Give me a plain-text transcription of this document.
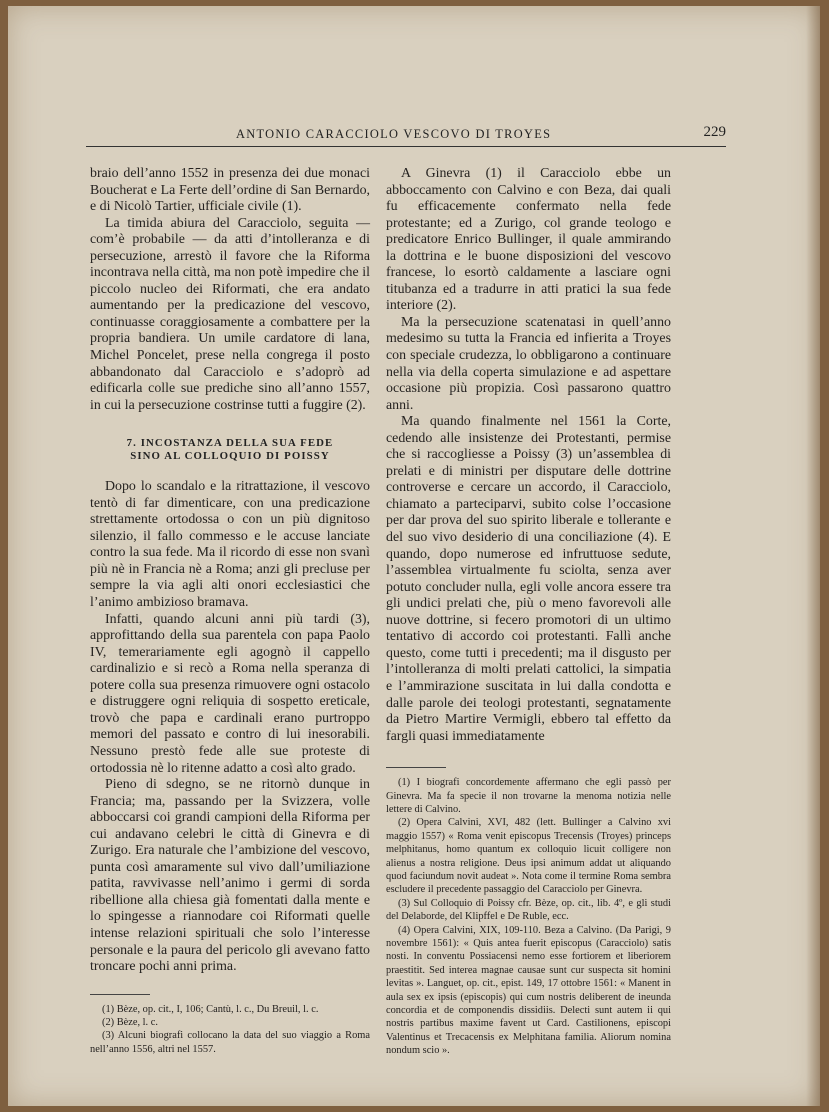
ANTONIO CARACCIOLO VESCOVO DI TROYES	229

braio dell’anno 1552 in presenza dei due monaci Boucherat e La Ferte dell’ordine di San Bernardo, e di Nicolò Tartier, ufficiale civile (1).

La timida abiura del Caracciolo, seguita — com’è probabile — da atti d’intolleranza e di persecuzione, arrestò il favore che la Riforma incontrava nella città, ma non potè impedire che il piccolo nucleo dei Riformati, che era andato aumentando per la predicazione del vescovo, continuasse coraggiosamente a combattere per la propria bandiera. Un umile cardatore di lana, Michel Poncelet, prese nella congrega il posto abbandonato dal Caracciolo e s’adoprò ad edificarla colle sue prediche sino all’anno 1557, in cui la persecuzione costrinse tutti a fuggire (2).

7. INCOSTANZA DELLA SUA FEDE
SINO AL COLLOQUIO DI POISSY

Dopo lo scandalo e la ritrattazione, il vescovo tentò di far dimenticare, con una predicazione strettamente ortodossa o con un più dignitoso silenzio, il fallo commesso e le accuse lanciate contro la sua fede. Ma il ricordo di esse non svanì più nè in Francia nè a Roma; anzi gli precluse per sempre la via agli alti onori ecclesiastici che l’animo ambizioso bramava.

Infatti, quando alcuni anni più tardi (3), approfittando della sua parentela con papa Paolo IV, temerariamente egli agognò il cappello cardinalizio e si recò a Roma nella speranza di potere colla sua presenza rimuovere ogni ostacolo e distruggere ogni reliquia di sospetto ereticale, trovò che papa e cardinali erano purtroppo memori del passato e contro di lui inesorabili. Nessuno prestò fede alle sue proteste di ortodossia nè lo ritenne adatto a così alto grado.

Pieno di sdegno, se ne ritornò dunque in Francia; ma, passando per la Svizzera, volle abboccarsi coi grandi campioni della Riforma per cui andavano celebri le città di Ginevra e di Zurigo. Era naturale che l’ambizione del vescovo, punta così amaramente sul vivo dall’umiliazione patita, ravvivasse nell’animo i germi di sorda ribellione alla chiesa già fomentati dalla mente e lo spingesse a riannodare coi Riformati quelle intense relazioni spirituali che solo l’interesse personale e la paura del pericolo gli avevano fatto troncare pochi anni prima.

(1) Bèze, op. cit., I, 106; Cantù, l. c., Du Breuil, l. c.

(2) Bèze, l. c.

(3) Alcuni biografi collocano la data del suo viaggio a Roma nell’anno 1556, altri nel 1557.

A Ginevra (1) il Caracciolo ebbe un abboccamento con Calvino e con Beza, dai quali fu efficacemente confermato nella fede protestante; ed a Zurigo, col grande teologo e predicatore Enrico Bullinger, il quale ammirando la dottrina e le buone disposizioni del vescovo francese, lo esortò caldamente a lasciare ogni titubanza ed a tradurre in atti pratici la sua fede interiore (2).

Ma la persecuzione scatenatasi in quell’anno medesimo su tutta la Francia ed infierita a Troyes con speciale crudezza, lo obbligarono a continuare nella via della coperta simulazione e ad aspettare occasione più propizia. Così passarono quattro anni.

Ma quando finalmente nel 1561 la Corte, cedendo alle insistenze dei Protestanti, permise che si raccogliesse a Poissy (3) un’assemblea di prelati e di ministri per disputare delle dottrine controverse e cercare un accordo, il Caracciolo, chiamato a parteciparvi, subito colse l’occasione per dar prova del suo spirito liberale e tollerante e del suo vivo desiderio di una conciliazione (4). E quando, dopo numerose ed infruttuose sedute, l’assemblea virtualmente fu sciolta, senza aver potuto concluder nulla, egli volle ancora essere tra gli undici prelati che, più o meno favorevoli alle nuove dottrine, si fecero promotori di un ultimo tentativo di accordo coi protestanti. Fallì anche questo, come tutti i precedenti; ma il disgusto per l’intolleranza di molti prelati cattolici, la simpatia e l’ammirazione suscitata in lui dalla condotta e dalle parole dei teologi protestanti, segnatamente da Pietro Martire Vermigli, ebbero tal effetto da fargli quasi immediatamente

(1) I biografi concordemente affermano che egli passò per Ginevra. Ma fa specie il non trovarne la menoma notizia nelle lettere di Calvino.

(2) Opera Calvini, XVI, 482 (lett. Bullinger a Calvino xvi maggio 1557) « Roma venit episcopus Trecensis (Troyes) princeps melphitanus, homo quantum ex colloquio licuit colligere non alienus a nostra religione. Deus ipsi animum addat ut aliquando quod faciundum novit audeat ». Nota come il termine Roma sembra escludere il precedente passaggio del Caracciolo per Ginevra.

(3) Sul Colloquio di Poissy cfr. Bèze, op. cit., lib. 4º, e gli studi del Delaborde, del Klipffel e De Ruble, ecc.

(4) Opera Calvini, XIX, 109-110. Beza a Calvino. (Da Parigi, 9 novembre 1561): « Quis antea fuerit episcopus (Caracciolo) satis nosti. In conventu Possiacensi nemo esse fortiorem et liberiorem praestitit. Sed interea magnae causae sunt cur suspecta sit homini levitas ». Languet, op. cit., epist. 149, 17 ottobre 1561: « Manent in aula sex ex ipsis (episcopis) qui cum nostris deliberent de ineunda concordia et de componendis dissidiis. Delecti sunt autem ii qui nostris partibus maxime favent ut Card. Castilionens, episcopi Valentinus et Trecacensis ex Melphitana familia. Aliorum nomina nondum scio ».
